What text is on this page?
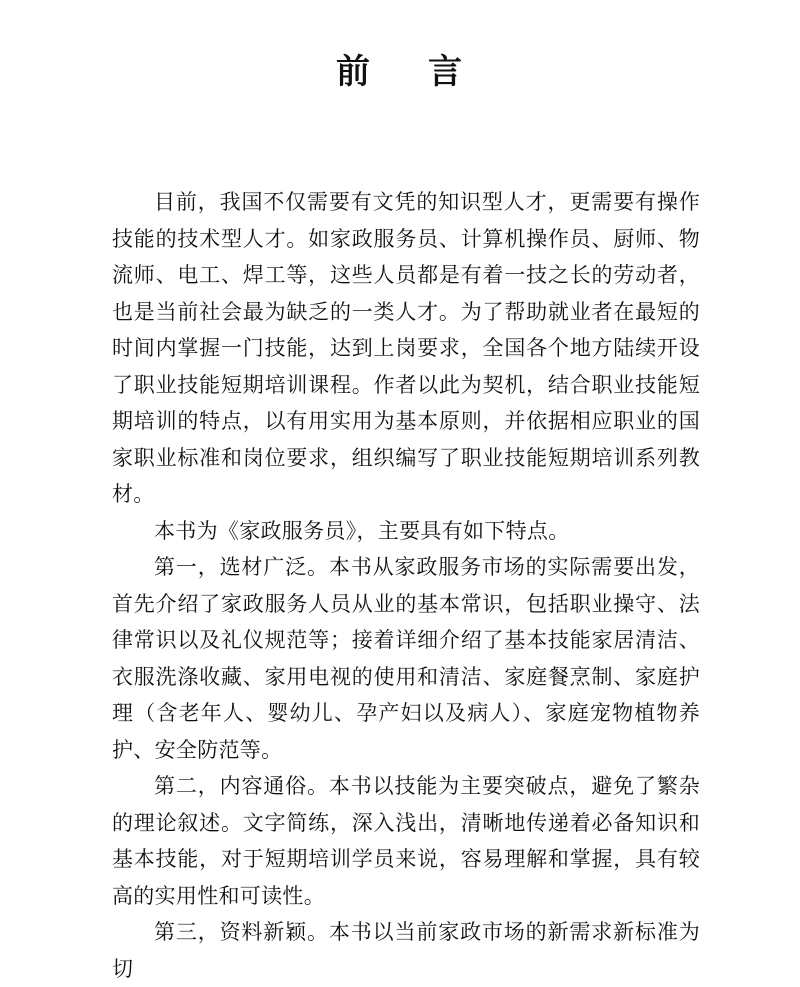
前 言

目前，我国不仅需要有文凭的知识型人才，更需要有操作技能的技术型人才。如家政服务员、计算机操作员、厨师、物流师、电工、焊工等，这些人员都是有着一技之长的劳动者，也是当前社会最为缺乏的一类人才。为了帮助就业者在最短的时间内掌握一门技能，达到上岗要求，全国各个地方陆续开设了职业技能短期培训课程。作者以此为契机，结合职业技能短期培训的特点，以有用实用为基本原则，并依据相应职业的国家职业标准和岗位要求，组织编写了职业技能短期培训系列教材。

本书为《家政服务员》，主要具有如下特点。

第一，选材广泛。本书从家政服务市场的实际需要出发，首先介绍了家政服务人员从业的基本常识，包括职业操守、法律常识以及礼仪规范等；接着详细介绍了基本技能家居清洁、衣服洗涤收藏、家用电视的使用和清洁、家庭餐烹制、家庭护理（含老年人、婴幼儿、孕产妇以及病人）、家庭宠物植物养护、安全防范等。

第二，内容通俗。本书以技能为主要突破点，避免了繁杂的理论叙述。文字简练，深入浅出，清晰地传递着必备知识和基本技能，对于短期培训学员来说，容易理解和掌握，具有较高的实用性和可读性。

第三，资料新颖。本书以当前家政市场的新需求新标准为切
